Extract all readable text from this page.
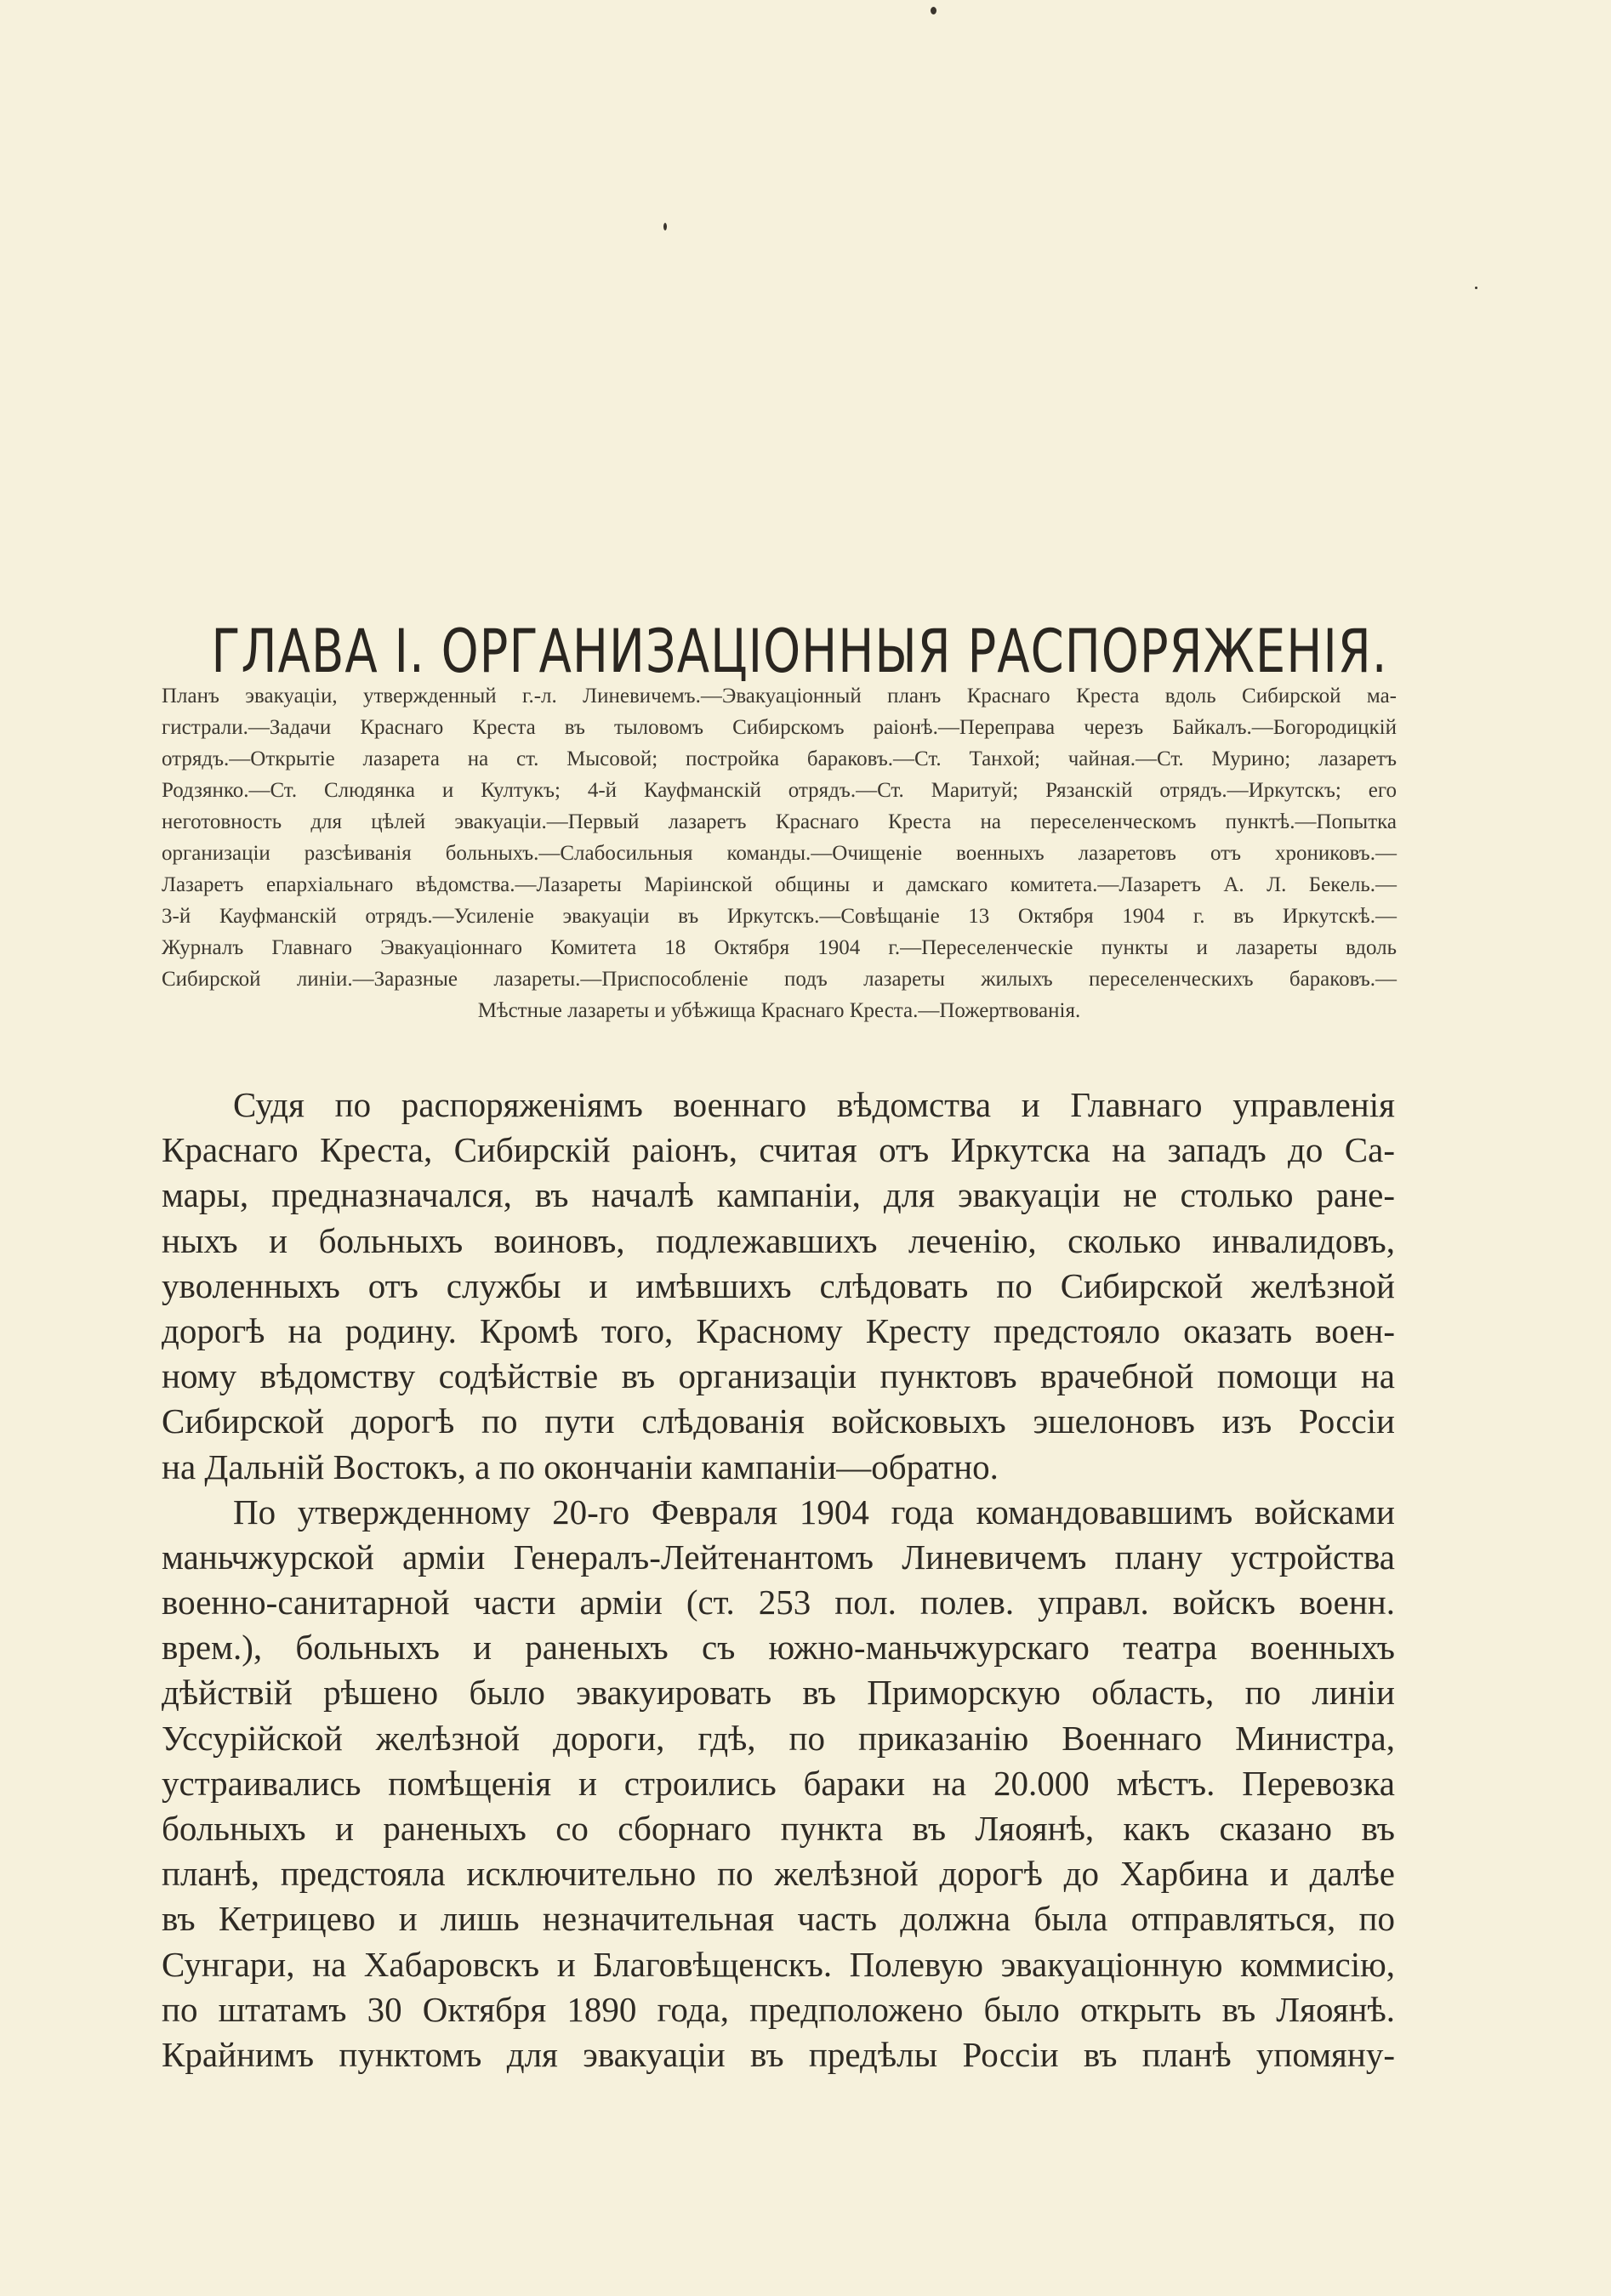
ГЛАВА I. ОРГАНИЗАЦІОННЫЯ РАСПОРЯЖЕНІЯ.
Планъ эвакуаціи, утвержденный г.-л. Линевичемъ.—Эвакуаціонный планъ Краснаго Креста вдоль Сибирской ма-
гистрали.—Задачи Краснаго Креста въ тыловомъ Сибирскомъ раіонѣ.—Переправа черезъ Байкалъ.—Богородицкій
отрядъ.—Открытіе лазарета на ст. Мысовой; постройка бараковъ.—Ст. Танхой; чайная.—Ст. Мурино; лазаретъ
Родзянко.—Ст. Слюдянка и Култукъ; 4-й Кауфманскій отрядъ.—Ст. Маритуй; Рязанскій отрядъ.—Иркутскъ; его
неготовность для цѣлей эвакуаціи.—Первый лазаретъ Краснаго Креста на переселенческомъ пунктѣ.—Попытка
организаціи разсѣиванія больныхъ.—Слабосильныя команды.—Очищеніе военныхъ лазаретовъ отъ хрониковъ.—
Лазаретъ епархіальнаго вѣдомства.—Лазареты Маріинской общины и дамскаго комитета.—Лазаретъ А. Л. Бекель.—
3-й Кауфманскій отрядъ.—Усиленіе эвакуаціи въ Иркутскъ.—Совѣщаніе 13 Октября 1904 г. въ Иркутскѣ.—
Журналъ Главнаго Эвакуаціоннаго Комитета 18 Октября 1904 г.—Переселенческіе пункты и лазареты вдоль
Сибирской линіи.—Заразные лазареты.—Приспособленіе подъ лазареты жилыхъ переселенческихъ бараковъ.—
Мѣстные лазареты и убѣжища Краснаго Креста.—Пожертвованія.
Судя по распоряженіямъ военнаго вѣдомства и Главнаго управленія
Краснаго Креста, Сибирскій раіонъ, считая отъ Иркутска на западъ до Са-
мары, предназначался, въ началѣ кампаніи, для эвакуаціи не столько ране-
ныхъ и больныхъ воиновъ, подлежавшихъ леченію, сколько инвалидовъ,
уволенныхъ отъ службы и имѣвшихъ слѣдовать по Сибирской желѣзной
дорогѣ на родину. Кромѣ того, Красному Кресту предстояло оказать воен-
ному вѣдомству содѣйствіе въ организаціи пунктовъ врачебной помощи на
Сибирской дорогѣ по пути слѣдованія войсковыхъ эшелоновъ изъ Россіи
на Дальній Востокъ, а по окончаніи кампаніи—обратно.
По утвержденному 20-го Февраля 1904 года командовавшимъ войсками
маньчжурской арміи Генералъ-Лейтенантомъ Линевичемъ плану устройства
военно-санитарной части арміи (ст. 253 пол. полев. управл. войскъ военн.
врем.), больныхъ и раненыхъ съ южно-маньчжурскаго театра военныхъ
дѣйствій рѣшено было эвакуировать въ Приморскую область, по линіи
Уссурійской желѣзной дороги, гдѣ, по приказанію Военнаго Министра,
устраивались помѣщенія и строились бараки на 20.000 мѣстъ. Перевозка
больныхъ и раненыхъ со сборнаго пункта въ Ляоянѣ, какъ сказано въ
планѣ, предстояла исключительно по желѣзной дорогѣ до Харбина и далѣе
въ Кетрицево и лишь незначительная часть должна была отправляться, по
Сунгари, на Хабаровскъ и Благовѣщенскъ. Полевую эвакуаціонную коммисію,
по штатамъ 30 Октября 1890 года, предположено было открыть въ Ляоянѣ.
Крайнимъ пунктомъ для эвакуаціи въ предѣлы Россіи въ планѣ упомяну-
